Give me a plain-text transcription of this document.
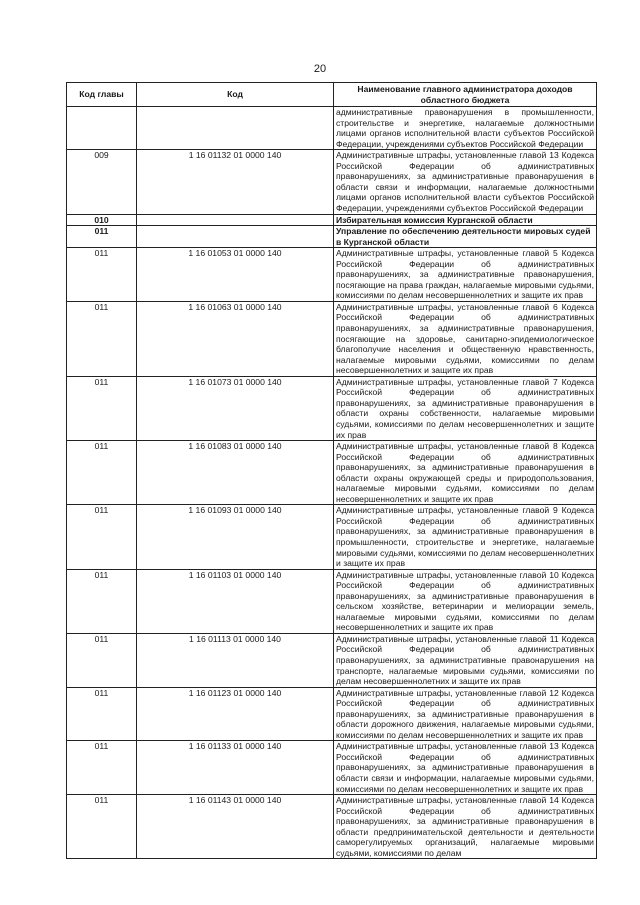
20
Код главы	Код	Наименование главного администратора доходов областного бюджета
		административные правонарушения в промышленности, строительстве и энергетике, налагаемые должностными лицами органов исполнительной власти субъектов Российской Федерации, учреждениями субъектов Российской Федерации
009	1 16 01132 01 0000 140	Административные штрафы, установленные главой 13 Кодекса Российской Федерации об административных правонарушениях, за административные правонарушения в области связи и информации, налагаемые должностными лицами органов исполнительной власти субъектов Российской Федерации, учреждениями субъектов Российской Федерации
010		Избирательная комиссия Курганской области
011		Управление по обеспечению деятельности мировых судей в Курганской области
011	1 16 01053 01 0000 140	Административные штрафы, установленные главой 5 Кодекса Российской Федерации об административных правонарушениях, за административные правонарушения, посягающие на права граждан, налагаемые мировыми судьями, комиссиями по делам несовершеннолетних и защите их прав
011	1 16 01063 01 0000 140	Административные штрафы, установленные главой 6 Кодекса Российской Федерации об административных правонарушениях, за административные правонарушения, посягающие на здоровье, санитарно-эпидемиологическое благополучие населения и общественную нравственность, налагаемые мировыми судьями, комиссиями по делам несовершеннолетних и защите их прав
011	1 16 01073 01 0000 140	Административные штрафы, установленные главой 7 Кодекса Российской Федерации об административных правонарушениях, за административные правонарушения в области охраны собственности, налагаемые мировыми судьями, комиссиями по делам несовершеннолетних и защите их прав
011	1 16 01083 01 0000 140	Административные штрафы, установленные главой 8 Кодекса Российской Федерации об административных правонарушениях, за административные правонарушения в области охраны окружающей среды и природопользования, налагаемые мировыми судьями, комиссиями по делам несовершеннолетних и защите их прав
011	1 16 01093 01 0000 140	Административные штрафы, установленные главой 9 Кодекса Российской Федерации об административных правонарушениях, за административные правонарушения в промышленности, строительстве и энергетике, налагаемые мировыми судьями, комиссиями по делам несовершеннолетних и защите их прав
011	1 16 01103 01 0000 140	Административные штрафы, установленные главой 10 Кодекса Российской Федерации об административных правонарушениях, за административные правонарушения в сельском хозяйстве, ветеринарии и мелиорации земель, налагаемые мировыми судьями, комиссиями по делам несовершеннолетних и защите их прав
011	1 16 01113 01 0000 140	Административные штрафы, установленные главой 11 Кодекса Российской Федерации об административных правонарушениях, за административные правонарушения на транспорте, налагаемые мировыми судьями, комиссиями по делам несовершеннолетних и защите их прав
011	1 16 01123 01 0000 140	Административные штрафы, установленные главой 12 Кодекса Российской Федерации об административных правонарушениях, за административные правонарушения в области дорожного движения, налагаемые мировыми судьями, комиссиями по делам несовершеннолетних и защите их прав
011	1 16 01133 01 0000 140	Административные штрафы, установленные главой 13 Кодекса Российской Федерации об административных правонарушениях, за административные правонарушения в области связи и информации, налагаемые мировыми судьями, комиссиями по делам несовершеннолетних и защите их прав
011	1 16 01143 01 0000 140	Административные штрафы, установленные главой 14 Кодекса Российской Федерации об административных правонарушениях, за административные правонарушения в области предпринимательской деятельности и деятельности саморегулируемых организаций, налагаемые мировыми судьями, комиссиями по делам
